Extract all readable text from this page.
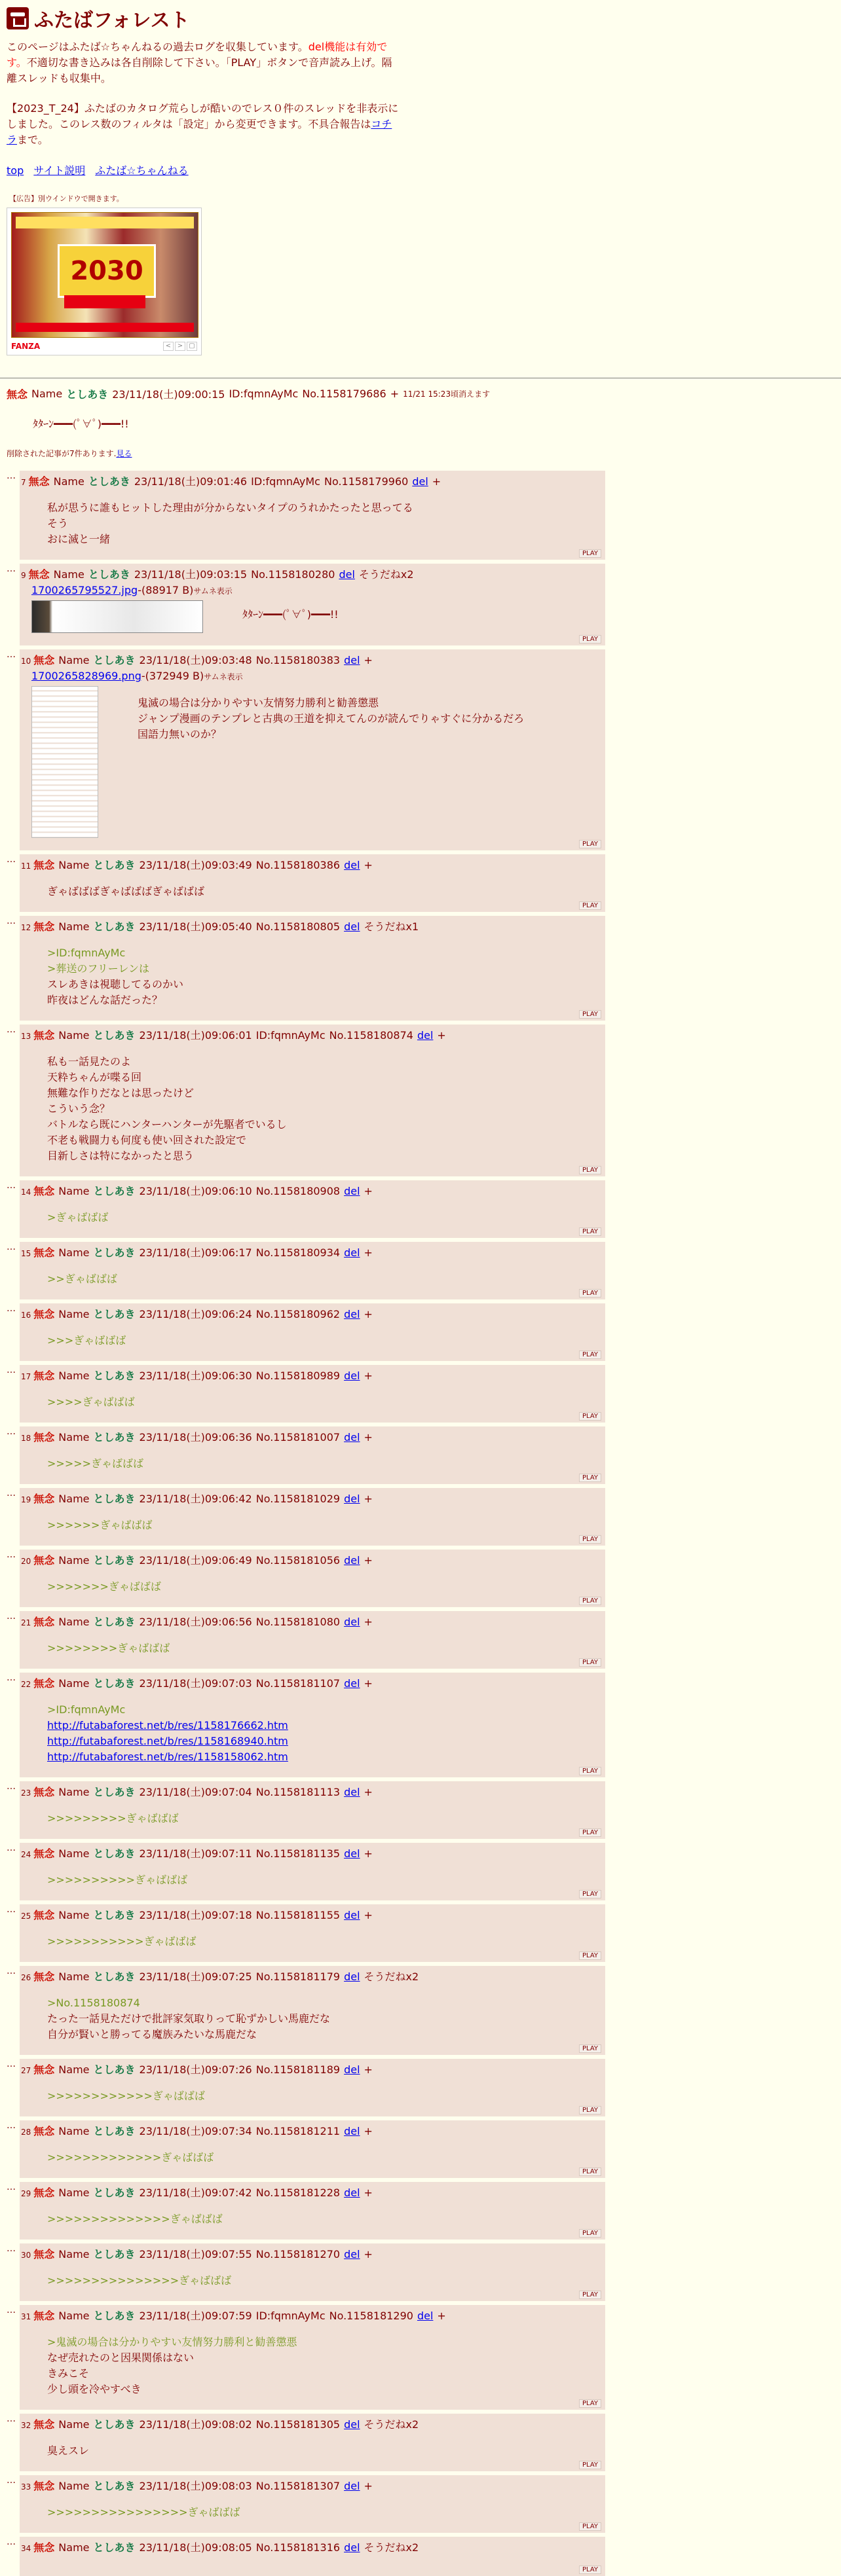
ふたばフォレスト
このページはふたば☆ちゃんねるの過去ログを収集しています。del機能は有効です。不適切な書き込みは各自削除して下さい。「PLAY」ボタンで音声読み上げ。隔離スレッドも収集中。
【2023_T_24】ふたばのカタログ荒らしが酷いのでレス０件のスレッドを非表示にしました。このレス数のフィルタは「設定」から変更できます。不具合報告はコチラまで。
top サイト説明 ふたば☆ちゃんねる
【広告】別ウインドウで開きます。
2030
FANZA	< > ▢
無念 Name としあき 23/11/18(土)09:00:15 ID:fqmnAyMc No.1158179686 + 11/21 15:23頃消えます
ﾀﾀｰﾝ━━━(ﾟ∀ﾟ)━━━!!
削除された記事が7件あります.見る
…
7 無念 Name としあき 23/11/18(土)09:01:46 ID:fqmnAyMc No.1158179960 del +
私が思うに誰もヒットした理由が分からないタイプのうれかたったと思ってる
そう
おに滅と一緒
PLAY
…
9 無念 Name としあき 23/11/18(土)09:03:15 No.1158180280 del そうだねx2
1700265795527.jpg-(88917 B)サムネ表示
ﾀﾀｰﾝ━━━(ﾟ∀ﾟ)━━━!!
PLAY
…
10 無念 Name としあき 23/11/18(土)09:03:48 No.1158180383 del +
1700265828969.png-(372949 B)サムネ表示
鬼滅の場合は分かりやすい友情努力勝利と勧善懲悪
ジャンプ漫画のテンプレと古典の王道を抑えてんのが読んでりゃすぐに分かるだろ
国語力無いのか？
PLAY
…
11 無念 Name としあき 23/11/18(土)09:03:49 No.1158180386 del +
ぎゃばばばぎゃばばばぎゃばばば
PLAY
…
12 無念 Name としあき 23/11/18(土)09:05:40 No.1158180805 del そうだねx1
>ID:fqmnAyMc
>葬送のフリーレンは
スレあきは視聴してるのかい
昨夜はどんな話だった？
PLAY
…
13 無念 Name としあき 23/11/18(土)09:06:01 ID:fqmnAyMc No.1158180874 del +
私も一話見たのよ
天粋ちゃんが喋る回
無難な作りだなとは思ったけど
こういう念？
バトルなら既にハンターハンターが先駆者でいるし
不老も戦闘力も何度も使い回された設定で
目新しさは特になかったと思う
PLAY
…
14 無念 Name としあき 23/11/18(土)09:06:10 No.1158180908 del +
>ぎゃばばば
PLAY
…
15 無念 Name としあき 23/11/18(土)09:06:17 No.1158180934 del +
>>ぎゃばばば
PLAY
…
16 無念 Name としあき 23/11/18(土)09:06:24 No.1158180962 del +
>>>ぎゃばばば
PLAY
…
17 無念 Name としあき 23/11/18(土)09:06:30 No.1158180989 del +
>>>>ぎゃばばば
PLAY
…
18 無念 Name としあき 23/11/18(土)09:06:36 No.1158181007 del +
>>>>>ぎゃばばば
PLAY
…
19 無念 Name としあき 23/11/18(土)09:06:42 No.1158181029 del +
>>>>>>ぎゃばばば
PLAY
…
20 無念 Name としあき 23/11/18(土)09:06:49 No.1158181056 del +
>>>>>>>ぎゃばばば
PLAY
…
21 無念 Name としあき 23/11/18(土)09:06:56 No.1158181080 del +
>>>>>>>>ぎゃばばば
PLAY
…
22 無念 Name としあき 23/11/18(土)09:07:03 No.1158181107 del +
>ID:fqmnAyMc
http://futabaforest.net/b/res/1158176662.htm
http://futabaforest.net/b/res/1158168940.htm
http://futabaforest.net/b/res/1158158062.htm
PLAY
…
23 無念 Name としあき 23/11/18(土)09:07:04 No.1158181113 del +
>>>>>>>>>ぎゃばばば
PLAY
…
24 無念 Name としあき 23/11/18(土)09:07:11 No.1158181135 del +
>>>>>>>>>>ぎゃばばば
PLAY
…
25 無念 Name としあき 23/11/18(土)09:07:18 No.1158181155 del +
>>>>>>>>>>>ぎゃばばば
PLAY
…
26 無念 Name としあき 23/11/18(土)09:07:25 No.1158181179 del そうだねx2
>No.1158180874
たった一話見ただけで批評家気取りって恥ずかしい馬鹿だな
自分が賢いと勝ってる魔族みたいな馬鹿だな
PLAY
…
27 無念 Name としあき 23/11/18(土)09:07:26 No.1158181189 del +
>>>>>>>>>>>>ぎゃばばば
PLAY
…
28 無念 Name としあき 23/11/18(土)09:07:34 No.1158181211 del +
>>>>>>>>>>>>>ぎゃばばば
PLAY
…
29 無念 Name としあき 23/11/18(土)09:07:42 No.1158181228 del +
>>>>>>>>>>>>>>ぎゃばばば
PLAY
…
30 無念 Name としあき 23/11/18(土)09:07:55 No.1158181270 del +
>>>>>>>>>>>>>>>ぎゃばばば
PLAY
…
31 無念 Name としあき 23/11/18(土)09:07:59 ID:fqmnAyMc No.1158181290 del +
>鬼滅の場合は分かりやすい友情努力勝利と勧善懲悪
なぜ売れたのと因果関係はない
きみこそ
少し頭を冷やすべき
PLAY
…
32 無念 Name としあき 23/11/18(土)09:08:02 No.1158181305 del そうだねx2
臭えスレ
PLAY
…
33 無念 Name としあき 23/11/18(土)09:08:03 No.1158181307 del +
>>>>>>>>>>>>>>>>ぎゃばばば
PLAY
…
34 無念 Name としあき 23/11/18(土)09:08:05 No.1158181316 del そうだねx2
PLAY
